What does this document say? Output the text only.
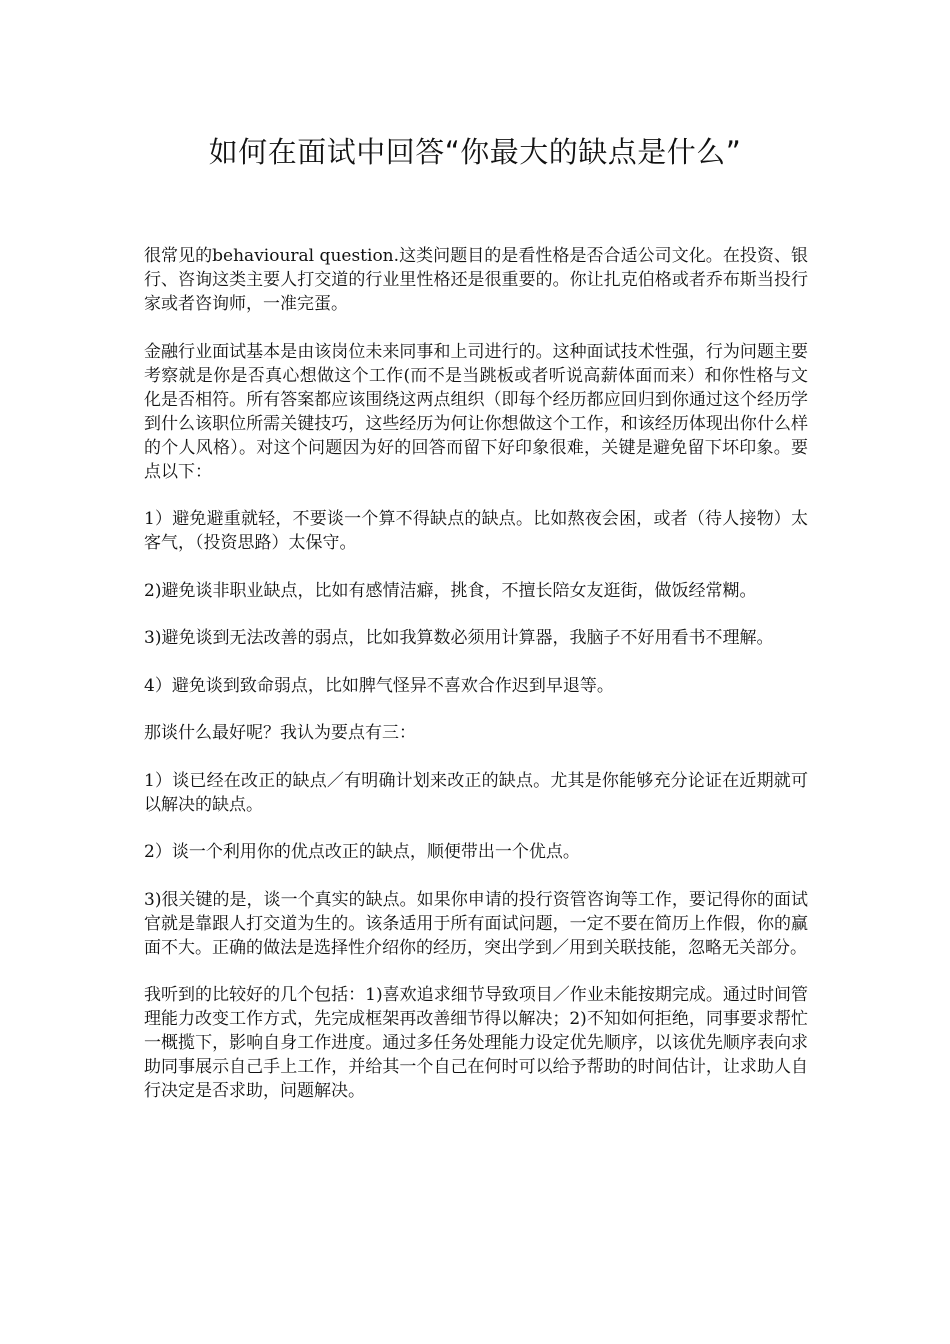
如何在面试中回答“你最大的缺点是什么”

很常见的behavioural question.这类问题目的是看性格是否合适公司文化。在投资、银行、咨询这类主要人打交道的行业里性格还是很重要的。你让扎克伯格或者乔布斯当投行家或者咨询师，一准完蛋。

金融行业面试基本是由该岗位未来同事和上司进行的。这种面试技术性强，行为问题主要考察就是你是否真心想做这个工作(而不是当跳板或者听说高薪体面而来）和你性格与文化是否相符。所有答案都应该围绕这两点组织（即每个经历都应回归到你通过这个经历学到什么该职位所需关键技巧，这些经历为何让你想做这个工作，和该经历体现出你什么样的个人风格）。对这个问题因为好的回答而留下好印象很难，关键是避免留下坏印象。要点以下：

1）避免避重就轻，不要谈一个算不得缺点的缺点。比如熬夜会困，或者（待人接物）太客气，（投资思路）太保守。

2)避免谈非职业缺点，比如有感情洁癖，挑食，不擅长陪女友逛街，做饭经常糊。

3)避免谈到无法改善的弱点，比如我算数必须用计算器，我脑子不好用看书不理解。

4）避免谈到致命弱点，比如脾气怪异不喜欢合作迟到早退等。

那谈什么最好呢？我认为要点有三：

1）谈已经在改正的缺点／有明确计划来改正的缺点。尤其是你能够充分论证在近期就可以解决的缺点。

2）谈一个利用你的优点改正的缺点，顺便带出一个优点。

3)很关键的是，谈一个真实的缺点。如果你申请的投行资管咨询等工作，要记得你的面试官就是靠跟人打交道为生的。该条适用于所有面试问题，一定不要在简历上作假，你的赢面不大。正确的做法是选择性介绍你的经历，突出学到／用到关联技能，忽略无关部分。

我听到的比较好的几个包括：1)喜欢追求细节导致项目／作业未能按期完成。通过时间管理能力改变工作方式，先完成框架再改善细节得以解决；2)不知如何拒绝，同事要求帮忙一概揽下，影响自身工作进度。通过多任务处理能力设定优先顺序，以该优先顺序表向求助同事展示自己手上工作，并给其一个自己在何时可以给予帮助的时间估计，让求助人自行决定是否求助，问题解决。
